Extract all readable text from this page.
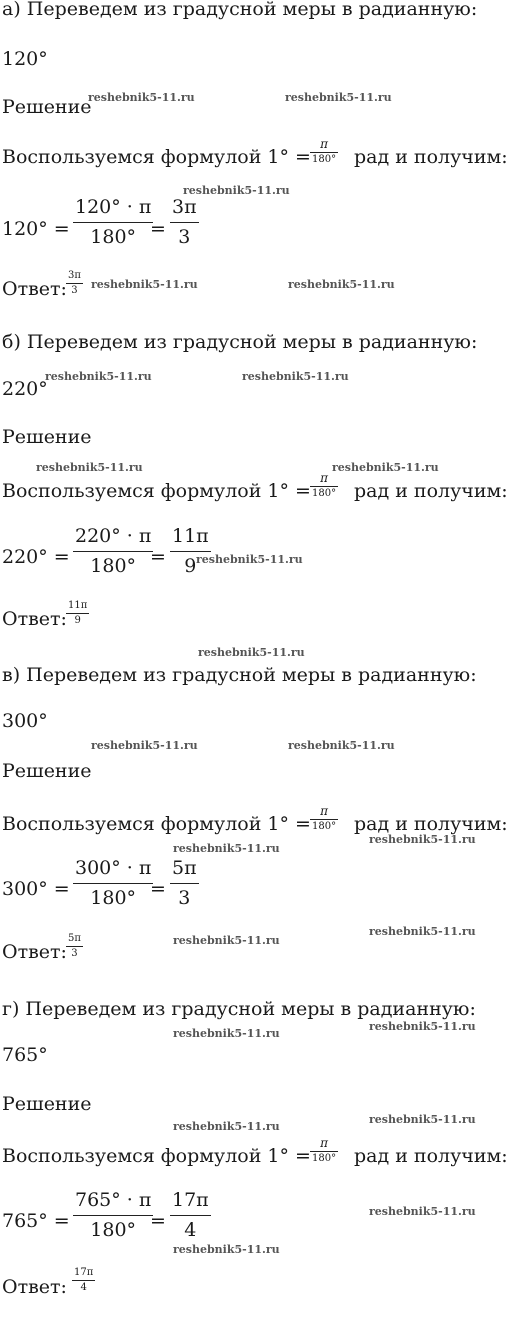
а) Переведем из градусной меры в радианную:
120°
Решение
Воспользуемся формулой 1° =
π
180° рад и получим:
120° =
120° · π
180° =
3π
3
Ответ:
3π
3
б) Переведем из градусной меры в радианную:
220°
Решение
Воспользуемся формулой 1° =
π
180° рад и получим:
220° =
220° · π
180° =
11π
9
Ответ:
11π
9
в) Переведем из градусной меры в радианную:
300°
Решение
Воспользуемся формулой 1° =
π
180° рад и получим:
300° =
300° · π
180° =
5π
3
Ответ:
5π
3
г) Переведем из градусной меры в радианную:
765°
Решение
Воспользуемся формулой 1° =
π
180° рад и получим:
765° =
765° · π
180° =
17π
4
Ответ:
17π
4
reshebnik5-11.ru	reshebnik5-11.ru
reshebnik5-11.ru
reshebnik5-11.ru	reshebnik5-11.ru
reshebnik5-11.ru	reshebnik5-11.ru
reshebnik5-11.ru	reshebnik5-11.ru
reshebnik5-11.ru
reshebnik5-11.ru
reshebnik5-11.ru	reshebnik5-11.ru
reshebnik5-11.ru
reshebnik5-11.ru
reshebnik5-11.ru
reshebnik5-11.ru
reshebnik5-11.ru
reshebnik5-11.ru
reshebnik5-11.ru
reshebnik5-11.ru
reshebnik5-11.ru
reshebnik5-11.ru
